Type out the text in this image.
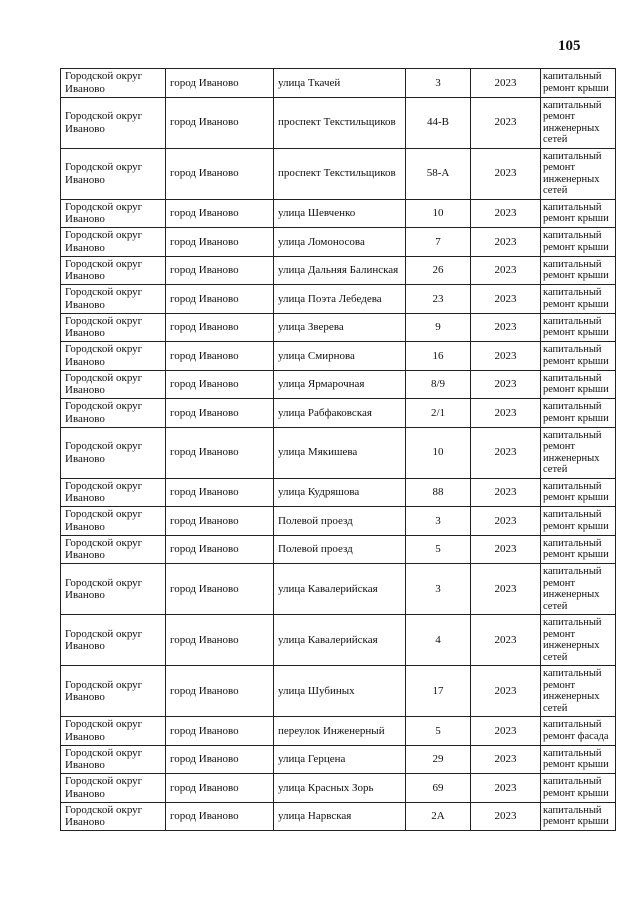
105
Городской округ Иваново	город Иваново	улица Ткачей	3	2023	капитальный ремонт крыши
Городской округ Иваново	город Иваново	проспект Текстильщиков	44-В	2023	капитальный ремонт инженерных сетей
Городской округ Иваново	город Иваново	проспект Текстильщиков	58-А	2023	капитальный ремонт инженерных сетей
Городской округ Иваново	город Иваново	улица Шевченко	10	2023	капитальный ремонт крыши
Городской округ Иваново	город Иваново	улица Ломоносова	7	2023	капитальный ремонт крыши
Городской округ Иваново	город Иваново	улица Дальняя Балинская	26	2023	капитальный ремонт крыши
Городской округ Иваново	город Иваново	улица Поэта Лебедева	23	2023	капитальный ремонт крыши
Городской округ Иваново	город Иваново	улица Зверева	9	2023	капитальный ремонт крыши
Городской округ Иваново	город Иваново	улица Смирнова	16	2023	капитальный ремонт крыши
Городской округ Иваново	город Иваново	улица Ярмарочная	8/9	2023	капитальный ремонт крыши
Городской округ Иваново	город Иваново	улица Рабфаковская	2/1	2023	капитальный ремонт крыши
Городской округ Иваново	город Иваново	улица Мякишева	10	2023	капитальный ремонт инженерных сетей
Городской округ Иваново	город Иваново	улица Кудряшова	88	2023	капитальный ремонт крыши
Городской округ Иваново	город Иваново	Полевой проезд	3	2023	капитальный ремонт крыши
Городской округ Иваново	город Иваново	Полевой проезд	5	2023	капитальный ремонт крыши
Городской округ Иваново	город Иваново	улица Кавалерийская	3	2023	капитальный ремонт инженерных сетей
Городской округ Иваново	город Иваново	улица Кавалерийская	4	2023	капитальный ремонт инженерных сетей
Городской округ Иваново	город Иваново	улица Шубиных	17	2023	капитальный ремонт инженерных сетей
Городской округ Иваново	город Иваново	переулок Инженерный	5	2023	капитальный ремонт фасада
Городской округ Иваново	город Иваново	улица Герцена	29	2023	капитальный ремонт крыши
Городской округ Иваново	город Иваново	улица Красных Зорь	69	2023	капитальный ремонт крыши
Городской округ Иваново	город Иваново	улица Нарвская	2А	2023	капитальный ремонт крыши
